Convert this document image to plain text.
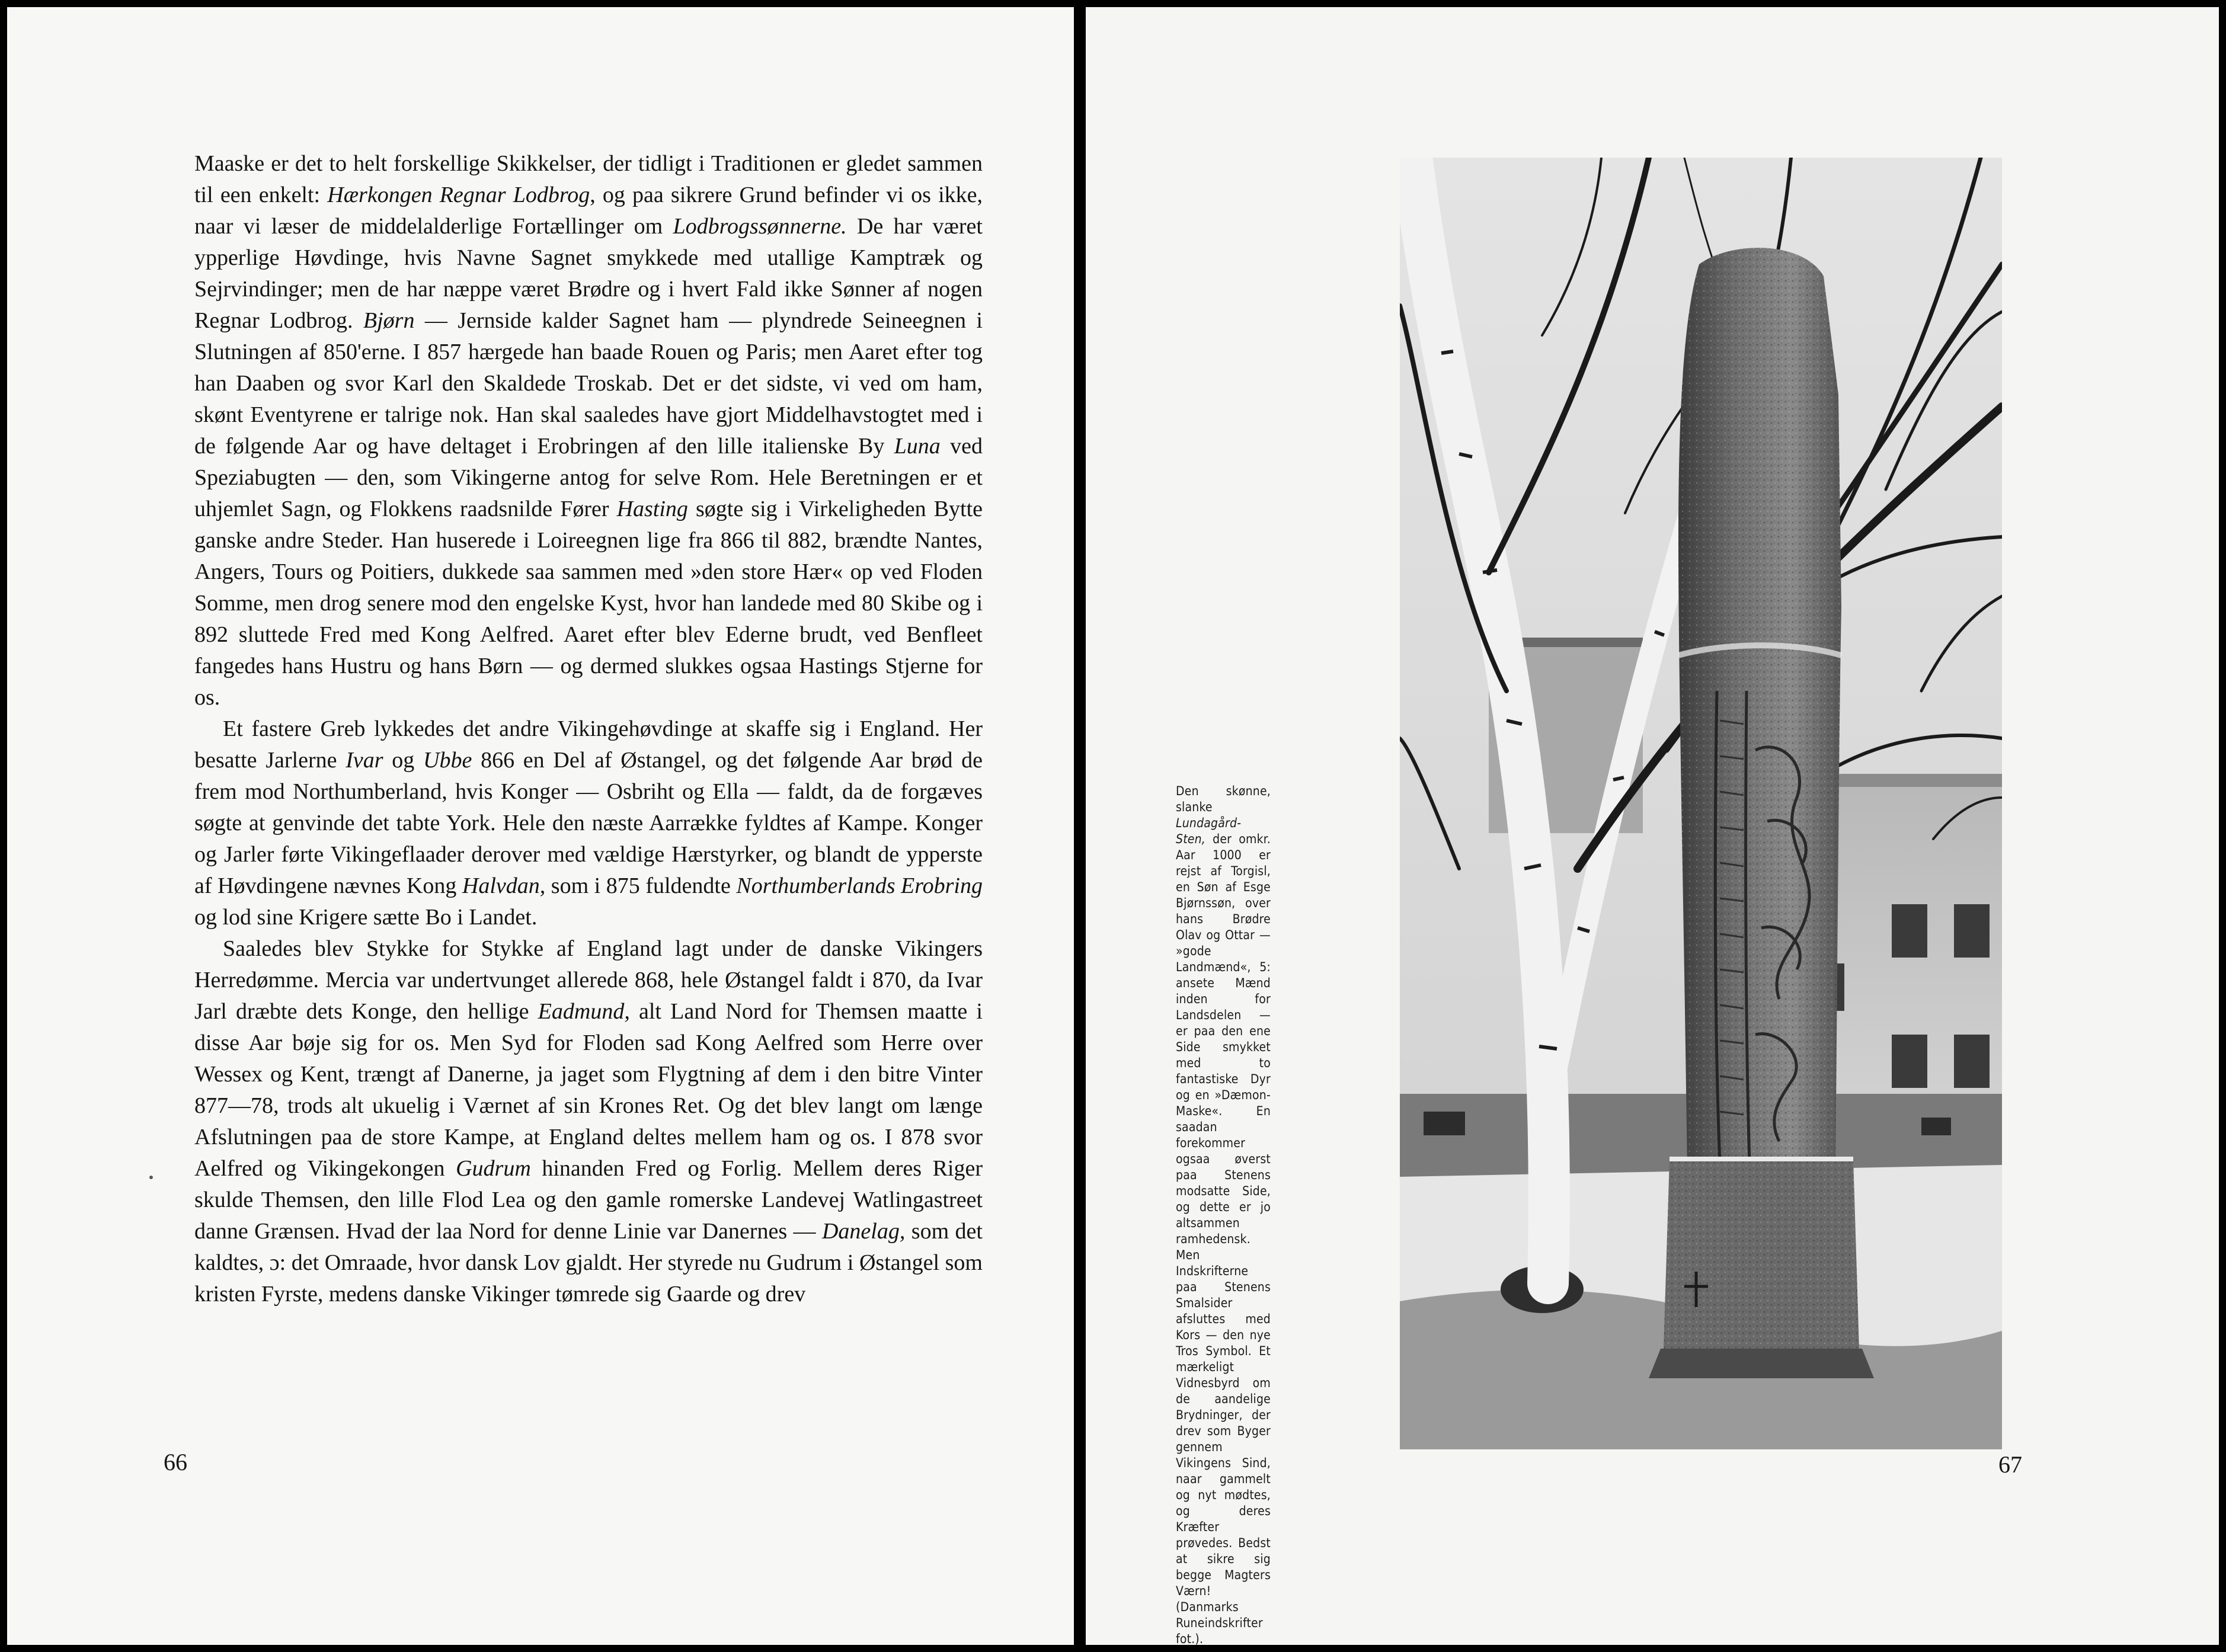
Maaske er det to helt forskellige Skikkelser, der tidligt i Traditionen er gledet sammen til een enkelt: Hærkongen Regnar Lodbrog, og paa sikrere Grund befinder vi os ikke, naar vi læser de middelalderlige Fortællinger om Lodbrogssønnerne. De har været ypperlige Høvdinge, hvis Navne Sagnet smykkede med utallige Kamptræk og Sejrvindinger; men de har næppe været Brødre og i hvert Fald ikke Sønner af nogen Regnar Lodbrog. Bjørn — Jernside kalder Sagnet ham — plyndrede Seineegnen i Slutningen af 850'erne. I 857 hærgede han baade Rouen og Paris; men Aaret efter tog han Daaben og svor Karl den Skaldede Troskab. Det er det sidste, vi ved om ham, skønt Eventyrene er talrige nok. Han skal saaledes have gjort Middelhavstogtet med i de følgende Aar og have deltaget i Erobringen af den lille italienske By Luna ved Speziabugten — den, som Vikingerne antog for selve Rom. Hele Beretningen er et uhjemlet Sagn, og Flokkens raadsnilde Fører Hasting søgte sig i Virkeligheden Bytte ganske andre Steder. Han huserede i Loireegnen lige fra 866 til 882, brændte Nantes, Angers, Tours og Poitiers, dukkede saa sammen med »den store Hær« op ved Floden Somme, men drog senere mod den engelske Kyst, hvor han landede med 80 Skibe og i 892 sluttede Fred med Kong Aelfred. Aaret efter blev Ederne brudt, ved Benfleet fangedes hans Hustru og hans Børn — og dermed slukkes ogsaa Hastings Stjerne for os.

Et fastere Greb lykkedes det andre Vikingehøvdinge at skaffe sig i England. Her besatte Jarlerne Ivar og Ubbe 866 en Del af Østangel, og det følgende Aar brød de frem mod Northumberland, hvis Konger — Osbriht og Ella — faldt, da de forgæves søgte at genvinde det tabte York. Hele den næste Aarrække fyldtes af Kampe. Konger og Jarler førte Vikingeflaader derover med vældige Hærstyrker, og blandt de ypperste af Høvdingene nævnes Kong Halvdan, som i 875 fuldendte Northumberlands Erobring og lod sine Krigere sætte Bo i Landet.

Saaledes blev Stykke for Stykke af England lagt under de danske Vikingers Herredømme. Mercia var undertvunget allerede 868, hele Østangel faldt i 870, da Ivar Jarl dræbte dets Konge, den hellige Eadmund, alt Land Nord for Themsen maatte i disse Aar bøje sig for os. Men Syd for Floden sad Kong Aelfred som Herre over Wessex og Kent, trængt af Danerne, ja jaget som Flygtning af dem i den bitre Vinter 877—78, trods alt ukuelig i Værnet af sin Krones Ret. Og det blev langt om længe Afslutningen paa de store Kampe, at England deltes mellem ham og os. I 878 svor Aelfred og Vikingekongen Gudrum hinanden Fred og Forlig. Mellem deres Riger skulde Themsen, den lille Flod Lea og den gamle romerske Landevej Watlingastreet danne Grænsen. Hvad der laa Nord for denne Linie var Danernes — Danelag, som det kaldtes, ɔ: det Omraade, hvor dansk Lov gjaldt. Her styrede nu Gudrum i Østangel som kristen Fyrste, medens danske Vikinger tømrede sig Gaarde og drev

66
Den skønne, slanke Lundagård-Sten, der omkr. Aar 1000 er rejst af Torgisl, en Søn af Esge Bjørnssøn, over hans Brødre Olav og Ottar — »gode Landmænd«, 5: ansete Mænd inden for Landsdelen — er paa den ene Side smykket med to fantastiske Dyr og en »Dæmon-Maske«. En saadan forekommer ogsaa øverst paa Stenens modsatte Side, og dette er jo altsammen ramhedensk. Men Indskrifterne paa Stenens Smalsider afsluttes med Kors — den nye Tros Symbol. Et mærkeligt Vidnesbyrd om de aandelige Brydninger, der drev som Byger gennem Vikingens Sind, naar gammelt og nyt mødtes, og deres Kræfter prøvedes. Bedst at sikre sig begge Magters Værn! (Danmarks Runeindskrifter fot.).
67
